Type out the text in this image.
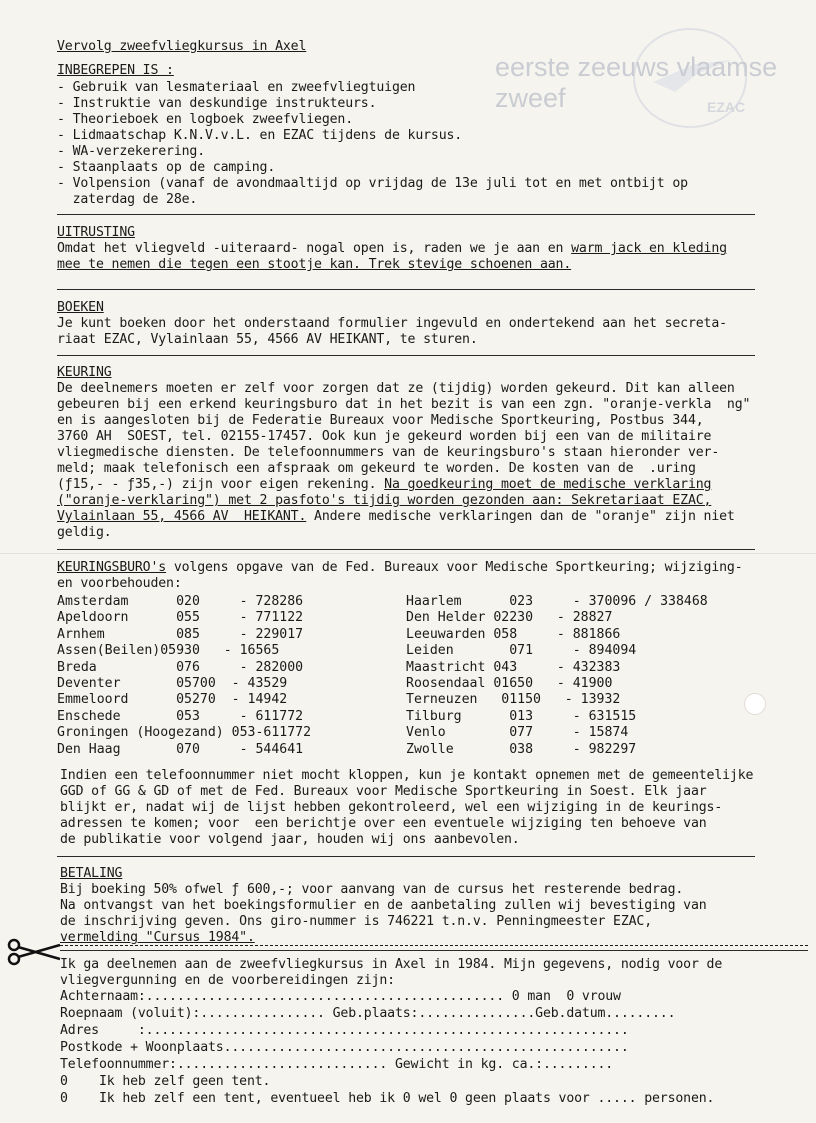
EZAC
eerste zeeuws vlaamse zweef
Vervolg zweefvliegkursus in Axel
INBEGREPEN IS :
- Gebruik van lesmateriaal en zweefvliegtuigen
- Instruktie van deskundige instrukteurs.
- Theorieboek en logboek zweefvliegen.
- Lidmaatschap K.N.V.v.L. en EZAC tijdens de kursus.
- WA-verzekerering.
- Staanplaats op de camping.
- Volpension (vanaf de avondmaaltijd op vrijdag de 13e juli tot en met ontbijt op
zaterdag de 28e.
UITRUSTING
Omdat het vliegveld -uiteraard- nogal open is, raden we je aan en warm jack en kleding
mee te nemen die tegen een stootje kan. Trek stevige schoenen aan.
BOEKEN
Je kunt boeken door het onderstaand formulier ingevuld en ondertekend aan het secreta-
riaat EZAC, Vylainlaan 55, 4566 AV HEIKANT, te sturen.
KEURING
De deelnemers moeten er zelf voor zorgen dat ze (tijdig) worden gekeurd. Dit kan alleen
gebeuren bij een erkend keuringsburo dat in het bezit is van een zgn. "oranje-verkla  ng"
en is aangesloten bij de Federatie Bureaux voor Medische Sportkeuring, Postbus 344,
3760 AH  SOEST, tel. 02155-17457. Ook kun je gekeurd worden bij een van de militaire
vliegmedische diensten. De telefoonnummers van de keuringsburo's staan hieronder ver-
meld; maak telefonisch een afspraak om gekeurd te worden. De kosten van de  .uring
(ƒ15,- - ƒ35,-) zijn voor eigen rekening. Na goedkeuring moet de medische verklaring
("oranje-verklaring") met 2 pasfoto's tijdig worden gezonden aan: Sekretariaat EZAC,
Vylainlaan 55, 4566 AV  HEIKANT. Andere medische verklaringen dan de "oranje" zijn niet
geldig.
KEURINGSBURO's volgens opgave van de Fed. Bureaux voor Medische Sportkeuring; wijziging-
en voorbehouden:
Amsterdam      020     - 728286
Apeldoorn      055     - 771122
Arnhem         085     - 229017
Assen(Beilen)05930   - 16565
Breda          076     - 282000
Deventer       05700  - 43529
Emmeloord      05270  - 14942
Enschede       053     - 611772
Groningen (Hoogezand) 053-611772
Den Haag       070     - 544641
Haarlem      023     - 370096 / 338468
Den Helder 02230   - 28827
Leeuwarden 058     - 881866
Leiden       071     - 894094
Maastricht 043     - 432383
Roosendaal 01650   - 41900
Terneuzen   01150   - 13932
Tilburg      013     - 631515
Venlo        077     - 15874
Zwolle       038     - 982297
Indien een telefoonnummer niet mocht kloppen, kun je kontakt opnemen met de gemeentelijke
GGD of GG & GD of met de Fed. Bureaux voor Medische Sportkeuring in Soest. Elk jaar
blijkt er, nadat wij de lijst hebben gekontroleerd, wel een wijziging in de keurings-
adressen te komen; voor  een berichtje over een eventuele wijziging ten behoeve van
de publikatie voor volgend jaar, houden wij ons aanbevolen.
BETALING
Bij boeking 50% ofwel ƒ 600,-; voor aanvang van de cursus het resterende bedrag.
Na ontvangst van het boekingsformulier en de aanbetaling zullen wij bevestiging van
de inschrijving geven. Ons giro-nummer is 746221 t.n.v. Penningmeester EZAC,
vermelding "Cursus 1984".
Ik ga deelnemen aan de zweefvliegkursus in Axel in 1984. Mijn gegevens, nodig voor de
vliegvergunning en de voorbereidingen zijn:
Achternaam:.............................................. 0 man  0 vrouw
Roepnaam (voluit):................ Geb.plaats:...............Geb.datum.........
Adres     :..............................................................
Postkode + Woonplaats....................................................
Telefoonnummer:........................... Gewicht in kg. ca.:.........
0    Ik heb zelf geen tent.
0    Ik heb zelf een tent, eventueel heb ik 0 wel 0 geen plaats voor ..... personen.
